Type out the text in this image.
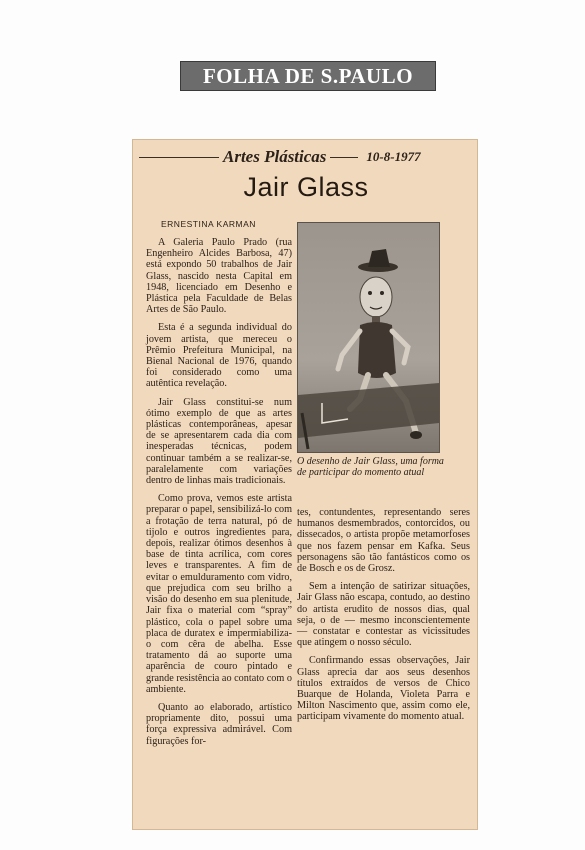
FOLHA DE S.PAULO
Artes Plásticas	10-8-1977
Jair Glass
ERNESTINA KARMAN

A Galeria Paulo Prado (rua Engenheiro Alcides Barbosa, 47) está expondo 50 trabalhos de Jair Glass, nascido nesta Capital em 1948, licenciado em Desenho e Plástica pela Faculdade de Belas Artes de São Paulo.

Esta é a segunda individual do jovem artista, que mereceu o Prêmio Prefeitura Municipal, na Bienal Nacional de 1976, quando foi considerado como uma autêntica revelação.

Jair Glass constitui-se num ótimo exemplo de que as artes plásticas contemporâneas, apesar de se apresentarem cada dia com inesperadas técnicas, podem continuar também a se realizar-se, paralelamente com variações dentro de linhas mais tradicionais.

Como prova, vemos este artista preparar o papel, sensibilizá-lo com a frotação de terra natural, pó de tijolo e outros ingredientes para, depois, realizar ótimos desenhos à base de tinta acrílica, com cores leves e transparentes. A fim de evitar o emulduramento com vidro, que prejudica com seu brilho a visão do desenho em sua plenitude, Jair fixa o material com “spray” plástico, cola o papel sobre uma placa de duratex e impermiabiliza-o com cêra de abelha. Esse tratamento dá ao suporte uma aparência de couro pintado e grande resistência ao contato com o ambiente.

Quanto ao elaborado, artístico propriamente dito, possui uma força expressiva admirável. Com figurações for-

O desenho de Jair Glass, uma forma de participar do momento atual

tes, contundentes, representando seres humanos desmembrados, contorcidos, ou dissecados, o artista propõe metamorfoses que nos fazem pensar em Kafka. Seus personagens são tão fantásticos como os de Bosch e os de Grosz.

Sem a intenção de satirizar situações, Jair Glass não escapa, contudo, ao destino do artista erudito de nossos dias, qual seja, o de — mesmo inconscientemente — constatar e contestar as vicissitudes que atingem o nosso século.

Confirmando essas observações, Jair Glass aprecia dar aos seus desenhos títulos extraídos de versos de Chico Buarque de Holanda, Violeta Parra e Milton Nascimento que, assim como ele, participam vivamente do momento atual.
